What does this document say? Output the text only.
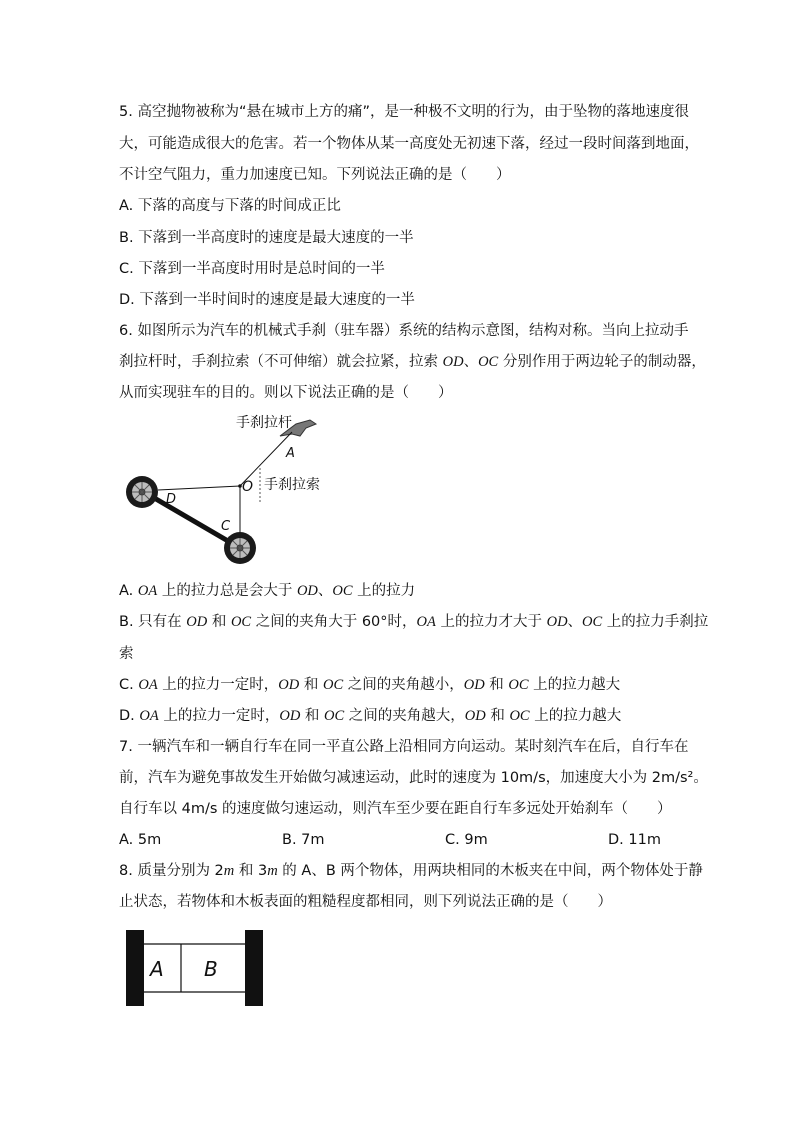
5. 高空抛物被称为“悬在城市上方的痛”，是一种极不文明的行为，由于坠物的落地速度很
大，可能造成很大的危害。若一个物体从某一高度处无初速下落，经过一段时间落到地面，
不计空气阻力，重力加速度已知。下列说法正确的是（　　）
A. 下落的高度与下落的时间成正比
B. 下落到一半高度时的速度是最大速度的一半
C. 下落到一半高度时用时是总时间的一半
D. 下落到一半时间时的速度是最大速度的一半
6. 如图所示为汽车的机械式手刹（驻车器）系统的结构示意图，结构对称。当向上拉动手
刹拉杆时，手刹拉索（不可伸缩）就会拉紧，拉索 OD、OC 分别作用于两边轮子的制动器，
从而实现驻车的目的。则以下说法正确的是（　　）
手刹拉杆
A
O 手刹拉索
D
C
A. OA 上的拉力总是会大于 OD、OC 上的拉力
B. 只有在 OD 和 OC 之间的夹角大于 60°时，OA 上的拉力才大于 OD、OC 上的拉力手刹拉
索
C. OA 上的拉力一定时，OD 和 OC 之间的夹角越小，OD 和 OC 上的拉力越大
D. OA 上的拉力一定时，OD 和 OC 之间的夹角越大，OD 和 OC 上的拉力越大
7. 一辆汽车和一辆自行车在同一平直公路上沿相同方向运动。某时刻汽车在后，自行车在
前，汽车为避免事故发生开始做匀减速运动，此时的速度为 10m/s，加速度大小为 2m/s²。
自行车以 4m/s 的速度做匀速运动，则汽车至少要在距自行车多远处开始刹车（　　）
A. 5m	B. 7m	C. 9m	D. 11m
8. 质量分别为 2m 和 3m 的 A、B 两个物体，用两块相同的木板夹在中间，两个物体处于静
止状态，若物体和木板表面的粗糙程度都相同，则下列说法正确的是（　　）
A B
